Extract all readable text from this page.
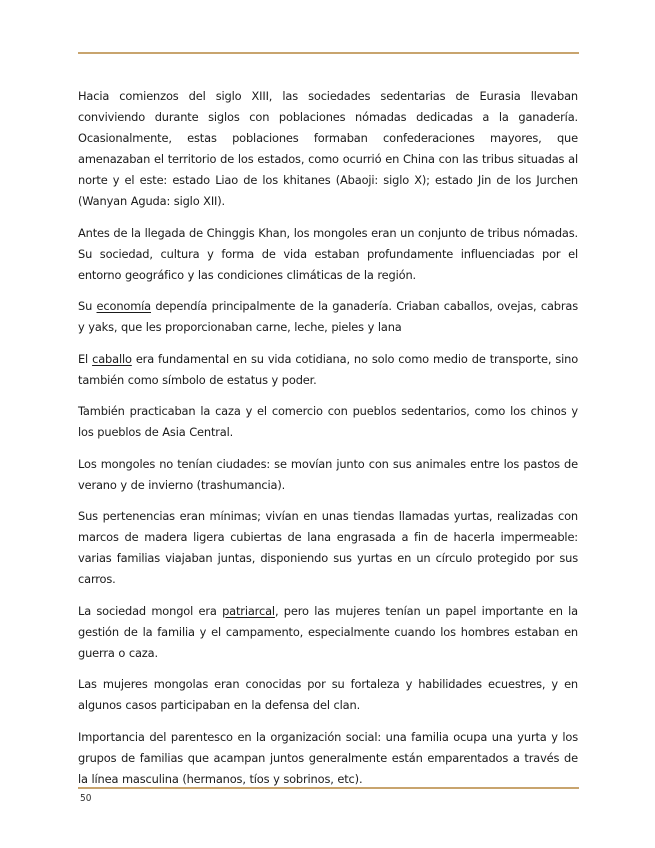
Hacia comienzos del siglo XIII, las sociedades sedentarias de Eurasia llevaban conviviendo durante siglos con poblaciones nómadas dedicadas a la ganadería. Ocasionalmente, estas poblaciones formaban confederaciones mayores, que amenazaban el territorio de los estados, como ocurrió en China con las tribus situadas al norte y el este: estado Liao de los khitanes (Abaoji: siglo X); estado Jin de los Jurchen (Wanyan Aguda: siglo XII).

Antes de la llegada de Chinggis Khan, los mongoles eran un conjunto de tribus nómadas. Su sociedad, cultura y forma de vida estaban profundamente influenciadas por el entorno geográfico y las condiciones climáticas de la región.

Su economía dependía principalmente de la ganadería. Criaban caballos, ovejas, cabras y yaks, que les proporcionaban carne, leche, pieles y lana

El caballo era fundamental en su vida cotidiana, no solo como medio de transporte, sino también como símbolo de estatus y poder.

También practicaban la caza y el comercio con pueblos sedentarios, como los chinos y los pueblos de Asia Central.

Los mongoles no tenían ciudades: se movían junto con sus animales entre los pastos de verano y de invierno (trashumancia).

Sus pertenencias eran mínimas; vivían en unas tiendas llamadas yurtas, realizadas con marcos de madera ligera cubiertas de lana engrasada a fin de hacerla impermeable: varias familias viajaban juntas, disponiendo sus yurtas en un círculo protegido por sus carros.

La sociedad mongol era patriarcal, pero las mujeres tenían un papel importante en la gestión de la familia y el campamento, especialmente cuando los hombres estaban en guerra o caza.

Las mujeres mongolas eran conocidas por su fortaleza y habilidades ecuestres, y en algunos casos participaban en la defensa del clan.

Importancia del parentesco en la organización social: una familia ocupa una yurta y los grupos de familias que acampan juntos generalmente están emparentados a través de la línea masculina (hermanos, tíos y sobrinos, etc).

50
